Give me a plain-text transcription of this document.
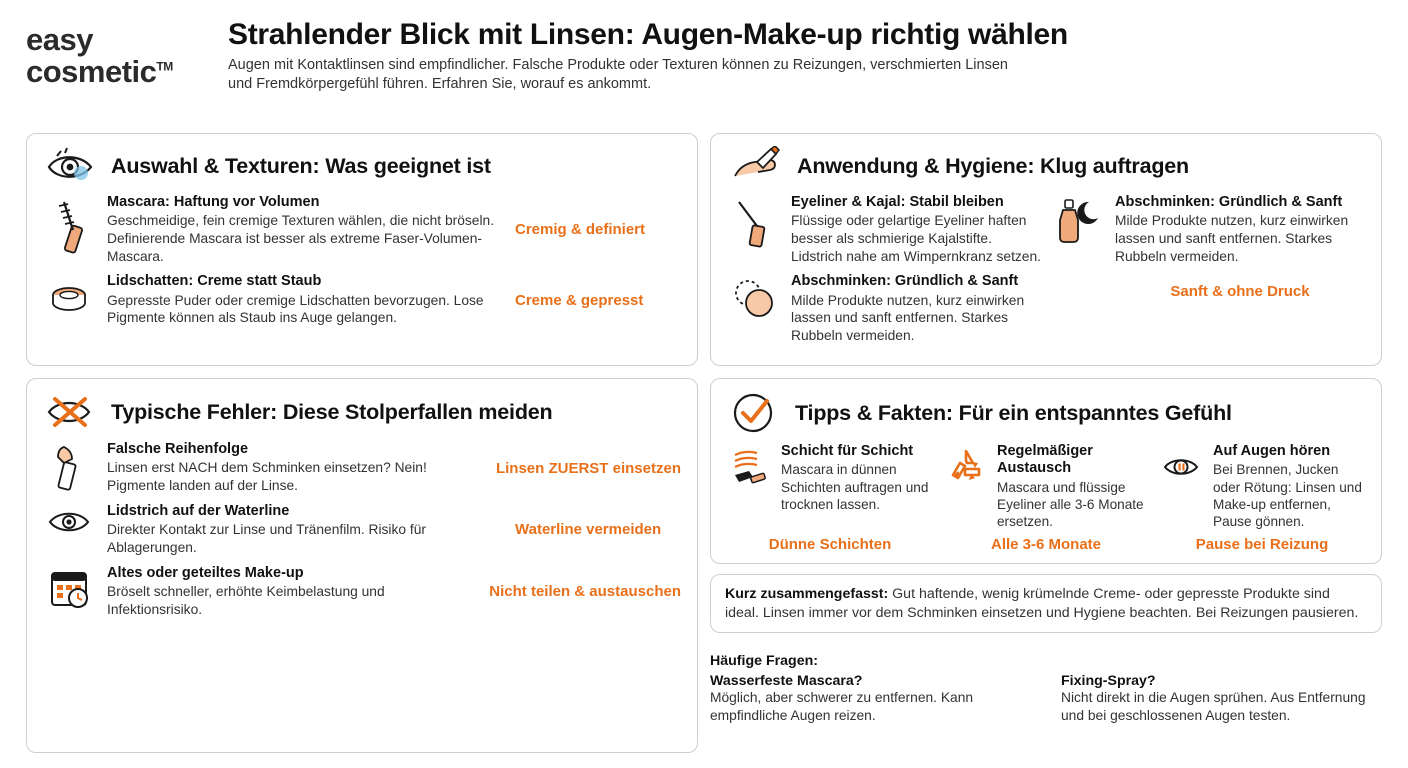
easy
cosmetic™
Strahlender Blick mit Linsen: Augen-Make-up richtig wählen
Augen mit Kontaktlinsen sind empfindlicher. Falsche Produkte oder Texturen können zu Reizungen, verschmierten Linsen und Fremdkörpergefühl führen. Erfahren Sie, worauf es ankommt.
Auswahl & Texturen: Was geeignet ist
Mascara: Haftung vor Volumen
Geschmeidige, fein cremige Texturen wählen, die nicht bröseln. Definierende Mascara ist besser als extreme Faser-Volumen-Mascara.
Cremig & definiert
Lidschatten: Creme statt Staub
Gepresste Puder oder cremige Lidschatten bevorzugen. Lose Pigmente können als Staub ins Auge gelangen.
Creme & gepresst
Anwendung & Hygiene: Klug auftragen
Eyeliner & Kajal: Stabil bleiben
Flüssige oder gelartige Eyeliner haften besser als schmierige Kajalstifte. Lidstrich nahe am Wimpernkranz setzen.
Abschminken: Gründlich & Sanft
Milde Produkte nutzen, kurz einwirken lassen und sanft entfernen. Starkes Rubbeln vermeiden.
Abschminken: Gründlich & Sanft
Milde Produkte nutzen, kurz einwirken lassen und sanft entfernen. Starkes Rubbeln vermeiden.
Sanft & ohne Druck
Typische Fehler: Diese Stolperfallen meiden
Falsche Reihenfolge
Linsen erst NACH dem Schminken einsetzen? Nein! Pigmente landen auf der Linse.
Linsen ZUERST einsetzen
Lidstrich auf der Waterline
Direkter Kontakt zur Linse und Tränenfilm. Risiko für Ablagerungen.
Waterline vermeiden
Altes oder geteiltes Make-up
Bröselt schneller, erhöhte Keimbelastung und Infektionsrisiko.
Nicht teilen & austauschen
Tipps & Fakten: Für ein entspanntes Gefühl
Schicht für Schicht
Mascara in dünnen Schichten auftragen und trocknen lassen.
Regelmäßiger Austausch
Mascara und flüssige Eyeliner alle 3-6 Monate ersetzen.
Auf Augen hören
Bei Brennen, Jucken oder Rötung: Linsen und Make-up entfernen, Pause gönnen.
Dünne Schichten	Alle 3-6 Monate	Pause bei Reizung
Kurz zusammengefasst: Gut haftende, wenig krümelnde Creme- oder gepresste Produkte sind ideal. Linsen immer vor dem Schminken einsetzen und Hygiene beachten. Bei Reizungen pausieren.
Häufige Fragen:
Wasserfeste Mascara?
Möglich, aber schwerer zu entfernen. Kann empfindliche Augen reizen.
Fixing-Spray?
Nicht direkt in die Augen sprühen. Aus Entfernung und bei geschlossenen Augen testen.
